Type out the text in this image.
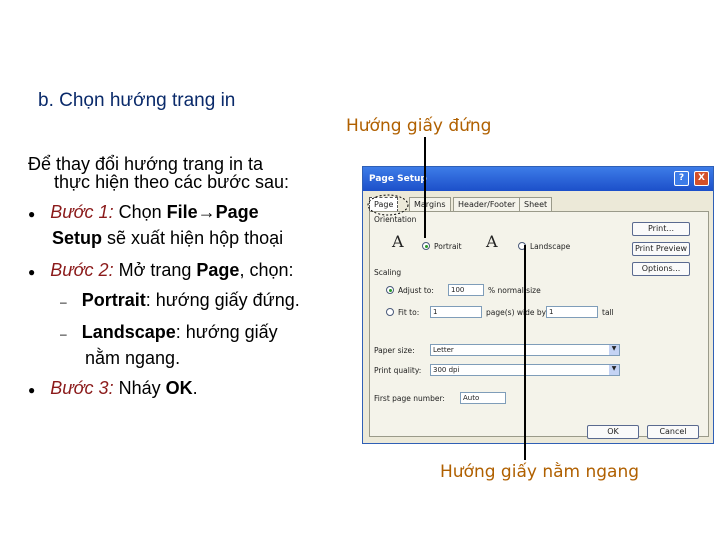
b. Chọn hướng trang in
Hướng giấy đứng
Hướng giấy nằm ngang
Để thay đổi hướng trang in ta
thực hiện theo các bước sau:
● Bước 1: Chọn File→Page
Setup sẽ xuất hiện hộp thoại
● Bước 2: Mở trang Page, chọn:
– Portrait: hướng giấy đứng.
– Landscape: hướng giấy
nằm ngang.
● Bước 3: Nháy OK.
Page Setup	?	X
Page	Margins	Header/Footer	Sheet
Orientation
A	Portrait A	Landscape
Scaling
Adjust to:	100	% normal size
Fit to:	1	page(s) wide by 1	tall
Paper size:	Letter	▼
Print quality:	300 dpi	▼
First page number:	Auto
Print...
Print Preview
Options...
OK	Cancel
